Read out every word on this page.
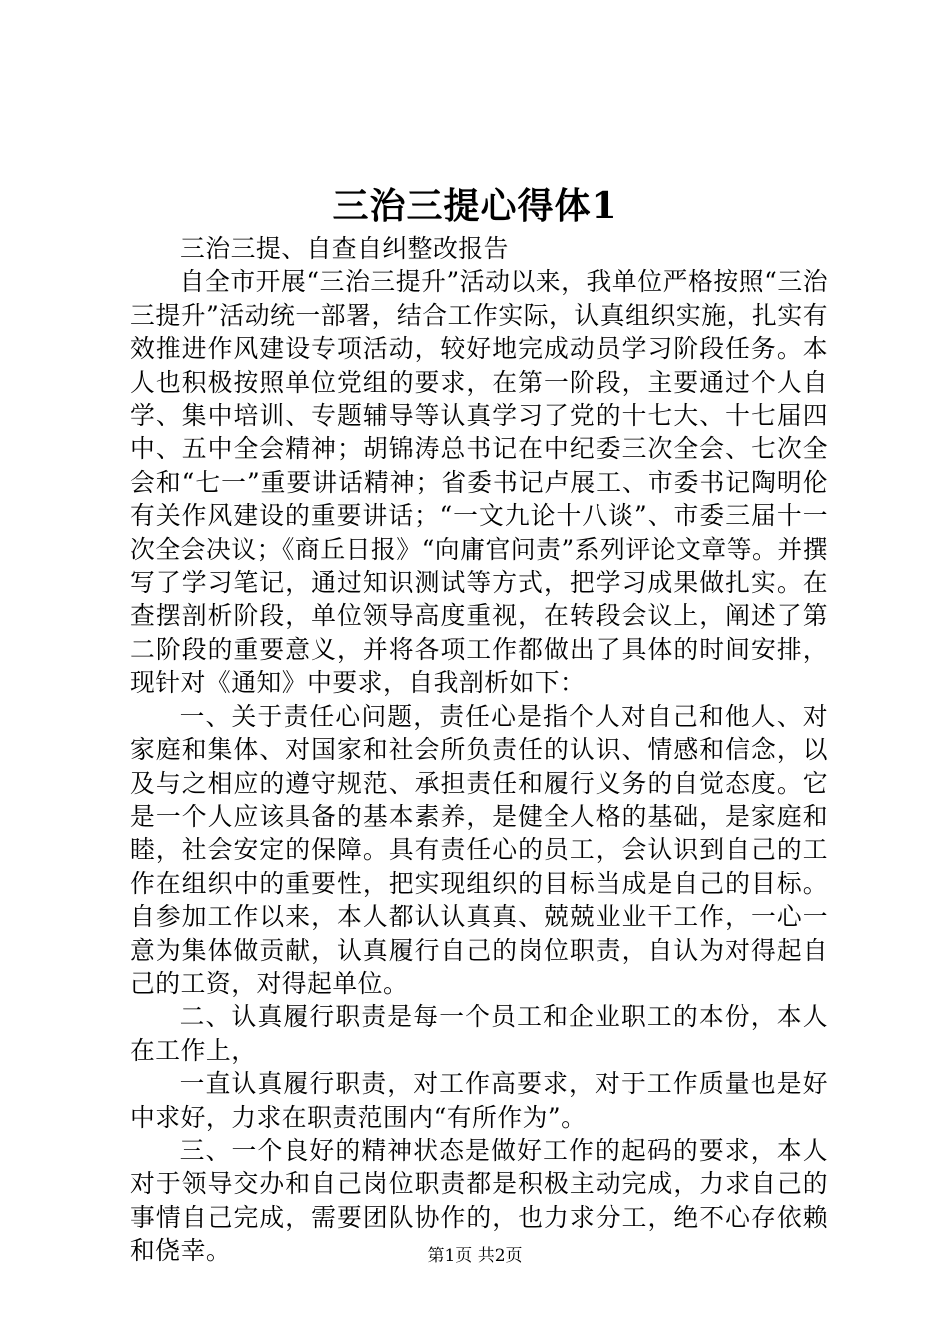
三治三提心得体1

三治三提、自查自纠整改报告

自全市开展“三治三提升”活动以来，我单位严格按照“三治三提升”活动统一部署，结合工作实际，认真组织实施，扎实有效推进作风建设专项活动，较好地完成动员学习阶段任务。本人也积极按照单位党组的要求，在第一阶段，主要通过个人自学、集中培训、专题辅导等认真学习了党的十七大、十七届四中、五中全会精神；胡锦涛总书记在中纪委三次全会、七次全会和“七一”重要讲话精神；省委书记卢展工、市委书记陶明伦有关作风建设的重要讲话；“一文九论十八谈”、市委三届十一次全会决议；《商丘日报》“向庸官问责”系列评论文章等。并撰写了学习笔记，通过知识测试等方式，把学习成果做扎实。在查摆剖析阶段，单位领导高度重视，在转段会议上，阐述了第二阶段的重要意义，并将各项工作都做出了具体的时间安排，现针对《通知》中要求，自我剖析如下：

一、关于责任心问题，责任心是指个人对自己和他人、对家庭和集体、对国家和社会所负责任的认识、情感和信念，以及与之相应的遵守规范、承担责任和履行义务的自觉态度。它是一个人应该具备的基本素养，是健全人格的基础，是家庭和睦，社会安定的保障。具有责任心的员工，会认识到自己的工作在组织中的重要性，把实现组织的目标当成是自己的目标。自参加工作以来，本人都认认真真、兢兢业业干工作，一心一意为集体做贡献，认真履行自己的岗位职责，自认为对得起自己的工资，对得起单位。

二、认真履行职责是每一个员工和企业职工的本份，本人在工作上，

一直认真履行职责，对工作高要求，对于工作质量也是好中求好，力求在职责范围内“有所作为”。

三、一个良好的精神状态是做好工作的起码的要求，本人对于领导交办和自己岗位职责都是积极主动完成，力求自己的事情自己完成，需要团队协作的，也力求分工，绝不心存依赖和侥幸。	第1页 共2页
